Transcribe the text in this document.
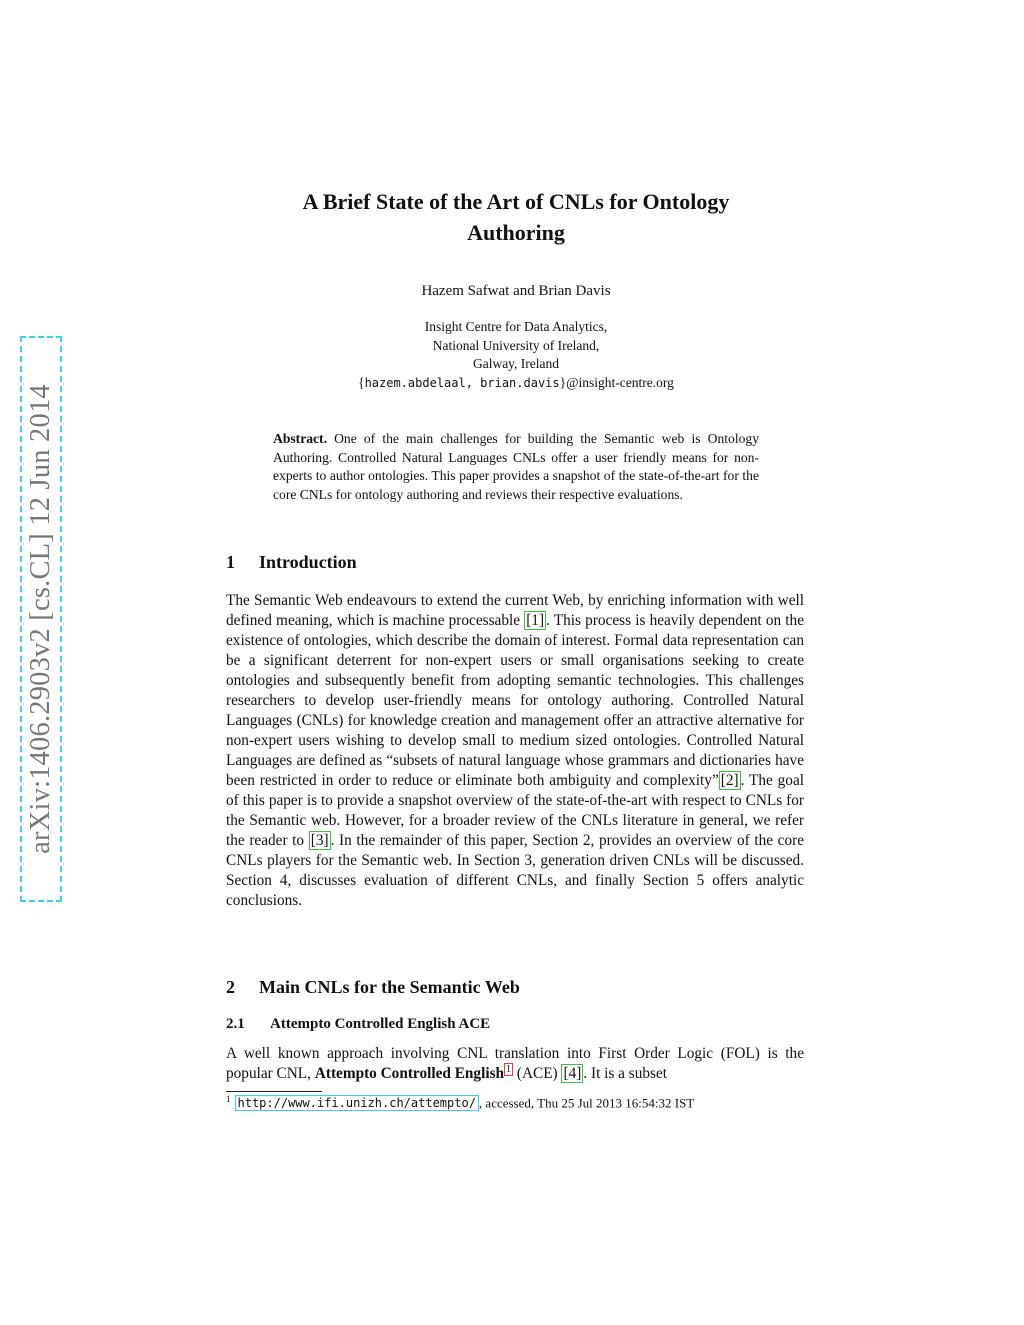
arXiv:1406.2903v2 [cs.CL] 12 Jun 2014
A Brief State of the Art of CNLs for Ontology
Authoring
Hazem Safwat and Brian Davis
Insight Centre for Data Analytics,
National University of Ireland,
Galway, Ireland
{hazem.abdelaal, brian.davis}@insight-centre.org
Abstract. One of the main challenges for building the Semantic web is Ontology Authoring. Controlled Natural Languages CNLs offer a user friendly means for non-experts to author ontologies. This paper provides a snapshot of the state-of-the-art for the core CNLs for ontology authoring and reviews their respective evaluations.
1 Introduction
The Semantic Web endeavours to extend the current Web, by enriching information with well defined meaning, which is machine processable [1] . This process is heavily dependent on the existence of ontologies, which describe the domain of interest. Formal data representation can be a significant deterrent for non-expert users or small organisations seeking to create ontologies and subsequently benefit from adopting semantic technologies. This challenges researchers to develop user-friendly means for ontology authoring. Controlled Natural Languages (CNLs) for knowledge creation and management offer an attractive alternative for non-expert users wishing to develop small to medium sized ontologies. Controlled Natural Languages are defined as “subsets of natural language whose grammars and dictionaries have been restricted in order to reduce or eliminate both ambiguity and complexity” [2] . The goal of this paper is to provide a snapshot overview of the state-of-the-art with respect to CNLs for the Semantic web. However, for a broader review of the CNLs literature in general, we refer the reader to [3] . In the remainder of this paper, Section 2, provides an overview of the core CNLs players for the Semantic web. In Section 3, generation driven CNLs will be discussed. Section 4, discusses evaluation of different CNLs, and finally Section 5 offers analytic conclusions.
2 Main CNLs for the Semantic Web
2.1 Attempto Controlled English ACE
A well known approach involving CNL translation into First Order Logic (FOL) is the popular CNL, Attempto Controlled English $^1$ (ACE) [4] . It is a subset
$^1$ http://www.ifi.unizh.ch/attempto/ , accessed, Thu 25 Jul 2013 16:54:32 IST
